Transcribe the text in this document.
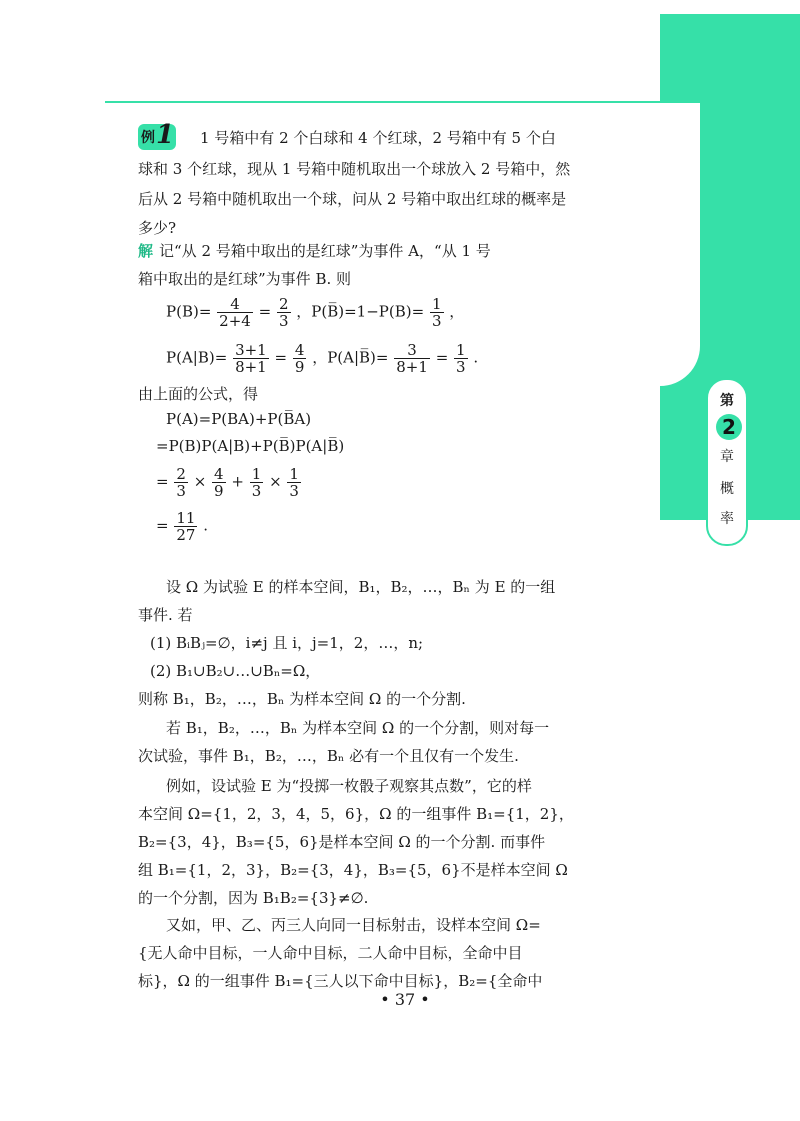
第
2
章
概
率
例 1 1 号箱中有 2 个白球和 4 个红球，2 号箱中有 5 个白
球和 3 个红球，现从 1 号箱中随机取出一个球放入 2 号箱中，然
后从 2 号箱中随机取出一个球，问从 2 号箱中取出红球的概率是
多少?
解 记“从 2 号箱中取出的是红球”为事件 A，“从 1 号
箱中取出的是红球”为事件 B. 则
$P(B)= \frac{4}{2+4} = \frac{2}{3}$ ，P(B̅)=1−P(B)= $\frac{1}{3}$ ，
$P(A|B)= \frac{3+1}{8+1} = \frac{4}{9}$ ，P(A|B̅)= $\frac{3}{8+1} = \frac{1}{3}$ .
由上面的公式，得
P(A)=P(BA)+P(B̅A)
=P(B)P(A|B)+P(B̅)P(A|B̅)
= $\frac{2}{3} \times \frac{4}{9} + \frac{1}{3} \times \frac{1}{3}$
= $\frac{11}{27}$ .
设 Ω 为试验 E 的样本空间，B₁，B₂，…，Bₙ 为 E 的一组
事件. 若
(1) BᵢBⱼ=∅，i≠j 且 i，j=1，2，…，n;
(2) B₁∪B₂∪…∪Bₙ=Ω，
则称 B₁，B₂，…，Bₙ 为样本空间 Ω 的一个分割.
若 B₁，B₂，…，Bₙ 为样本空间 Ω 的一个分割，则对每一
次试验，事件 B₁，B₂，…，Bₙ 必有一个且仅有一个发生.
例如，设试验 E 为“投掷一枚骰子观察其点数”，它的样
本空间 Ω={1，2，3，4，5，6}，Ω 的一组事件 B₁={1，2}，
B₂={3，4}，B₃={5，6}是样本空间 Ω 的一个分割. 而事件
组 B₁={1，2，3}，B₂={3，4}，B₃={5，6}不是样本空间 Ω
的一个分割，因为 B₁B₂={3}≠∅.
又如，甲、乙、丙三人向同一目标射击，设样本空间 Ω=
{无人命中目标，一人命中目标，二人命中目标，全命中目
标}，Ω 的一组事件 B₁={三人以下命中目标}，B₂={全命中
• 37 •
